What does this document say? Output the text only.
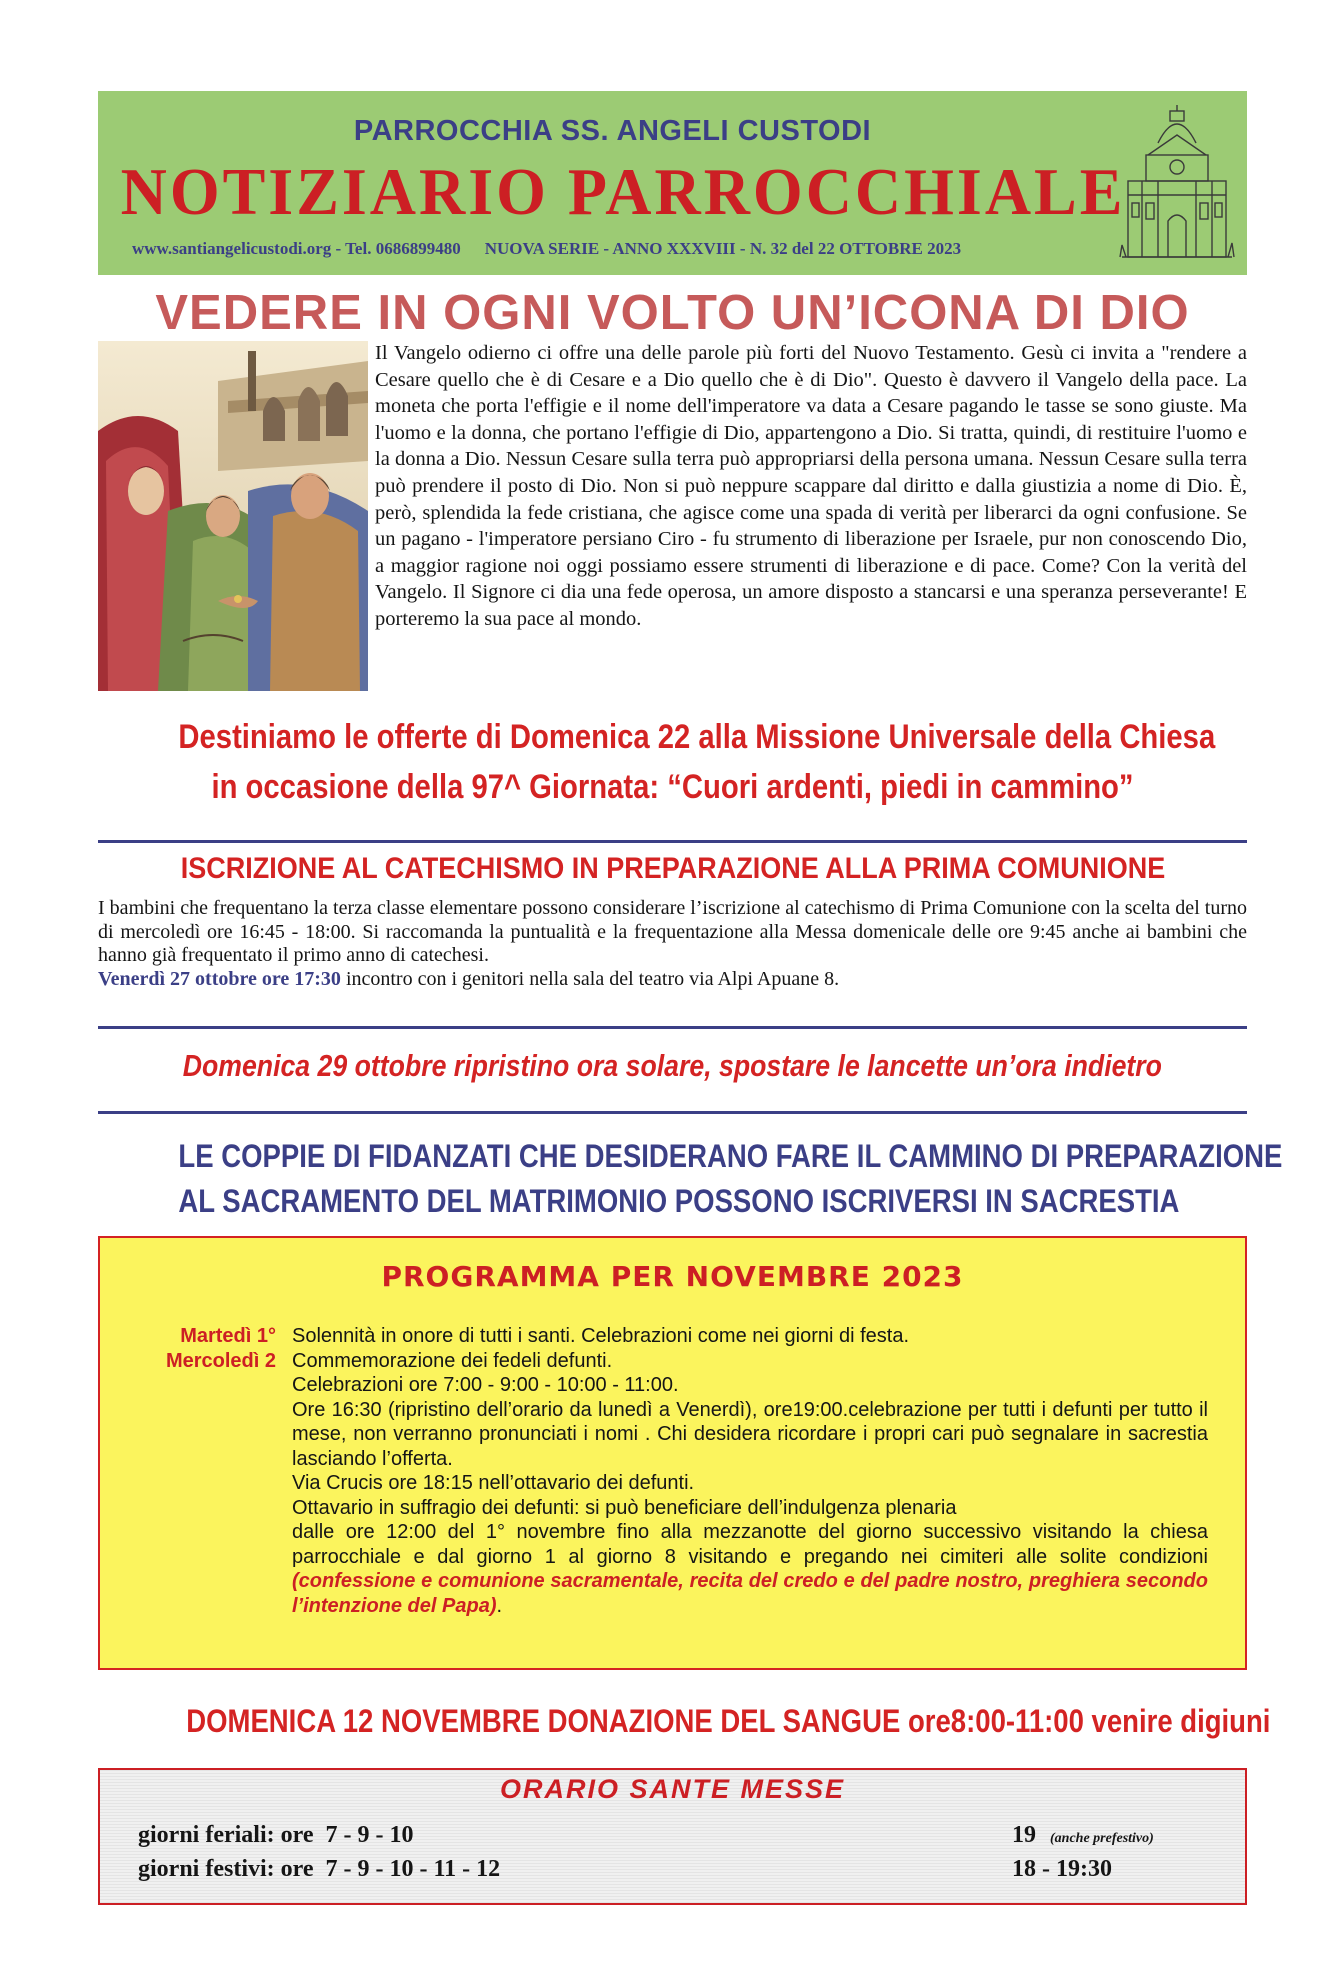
PARROCCHIA SS. ANGELI CUSTODI
NOTIZIARIO PARROCCHIALE
www.santiangelicustodi.org - Tel. 0686899480 NUOVA SERIE - ANNO XXXVIII - N. 32 del 22 OTTOBRE 2023
VEDERE IN OGNI VOLTO UN’ICONA DI DIO
Il Vangelo odierno ci offre una delle parole più forti del Nuovo Testamento. Gesù ci invita a "rendere a Cesare quello che è di Cesare e a Dio quello che è di Dio". Questo è davvero il Vangelo della pace. La moneta che porta l'effigie e il nome dell'imperatore va data a Cesare pagando le tasse se sono giuste. Ma l'uomo e la donna, che portano l'effigie di Dio, appartengono a Dio. Si tratta, quindi, di restituire l'uomo e la donna a Dio. Nessun Cesare sulla terra può appropriarsi della persona umana. Nessun Cesare sulla terra può prendere il posto di Dio. Non si può neppure scappare dal diritto e dalla giustizia a nome di Dio. È, però, splendida la fede cristiana, che agisce come una spada di verità per liberarci da ogni confusione. Se un pagano - l'imperatore persiano Ciro - fu strumento di liberazione per Israele, pur non conoscendo Dio, a maggior ragione noi oggi possiamo essere strumenti di liberazione e di pace. Come? Con la verità del Vangelo. Il Signore ci dia una fede operosa, un amore disposto a stancarsi e una speranza perseverante! E porteremo la sua pace al mondo.
Destiniamo le offerte di Domenica 22 alla Missione Universale della Chiesa
in occasione della 97^ Giornata: “Cuori ardenti, piedi in cammino”
ISCRIZIONE AL CATECHISMO IN PREPARAZIONE ALLA PRIMA COMUNIONE
I bambini che frequentano la terza classe elementare possono considerare l’iscrizione al catechismo di Prima Comunione con la scelta del turno di mercoledì ore 16:45 - 18:00. Si raccomanda la puntualità e la frequentazione alla Messa domenicale delle ore 9:45 anche ai bambini che hanno già frequentato il primo anno di catechesi.
Venerdì 27 ottobre ore 17:30 incontro con i genitori nella sala del teatro via Alpi Apuane 8.
Domenica 29 ottobre ripristino ora solare, spostare le lancette un’ora indietro
LE COPPIE DI FIDANZATI CHE DESIDERANO FARE IL CAMMINO DI PREPARAZIONE
AL SACRAMENTO DEL MATRIMONIO POSSONO ISCRIVERSI IN SACRESTIA
PROGRAMMA PER NOVEMBRE 2023
Martedì 1°
Mercoledì 2
Solennità in onore di tutti i santi. Celebrazioni come nei giorni di festa.
Commemorazione dei fedeli defunti.
Celebrazioni ore 7:00 - 9:00 - 10:00 - 11:00.
Ore 16:30 (ripristino dell’orario da lunedì a Venerdì), ore19:00.celebrazione per tutti i defunti per tutto il mese, non verranno pronunciati i nomi . Chi desidera ricordare i propri cari può segnalare in sacrestia lasciando l’offerta.
Via Crucis ore 18:15 nell’ottavario dei defunti.
Ottavario in suffragio dei defunti: si può beneficiare dell’indulgenza plenaria
dalle ore 12:00 del 1° novembre fino alla mezzanotte del giorno successivo visitando la chiesa parrocchiale e dal giorno 1 al giorno 8 visitando e pregando nei cimiteri alle solite condizioni (confessione e comunione sacramentale, recita del credo e del padre nostro, preghiera secondo l’intenzione del Papa).
DOMENICA 12 NOVEMBRE DONAZIONE DEL SANGUE ore8:00-11:00 venire digiuni
ORARIO SANTE MESSE
giorni feriali: ore 7 - 9 - 10	19 (anche prefestivo)
giorni festivi: ore 7 - 9 - 10 - 11 - 12	18 - 19:30
